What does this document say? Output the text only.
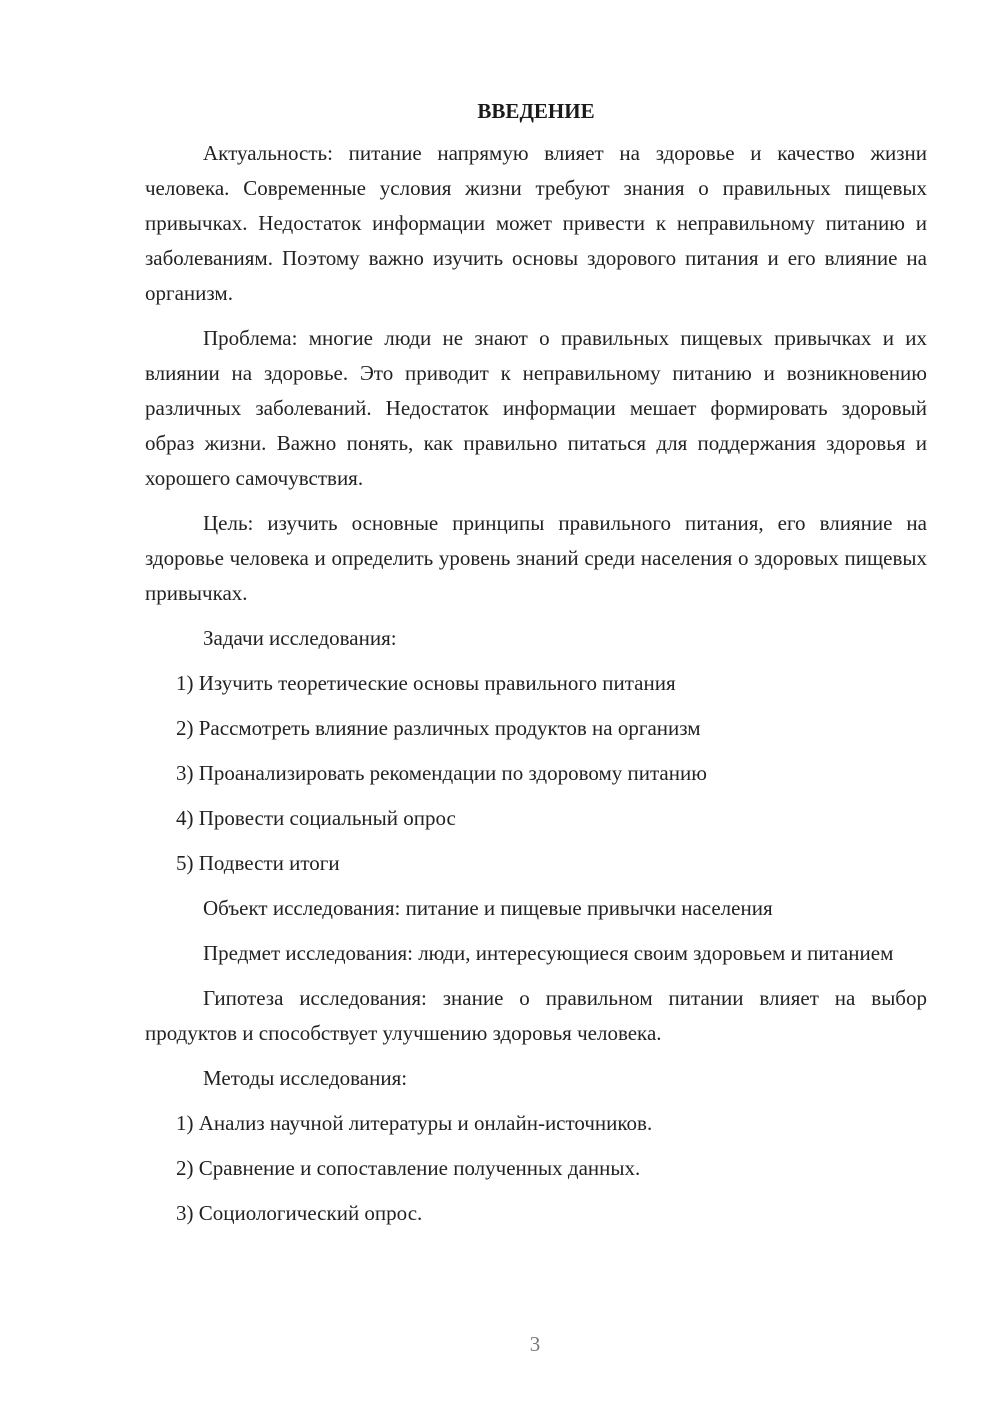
ВВЕДЕНИЕ

Актуальность: питание напрямую влияет на здоровье и качество жизни человека. Современные условия жизни требуют знания о правильных пищевых привычках. Недостаток информации может привести к неправильному питанию и заболеваниям. Поэтому важно изучить основы здорового питания и его влияние на организм.

Проблема: многие люди не знают о правильных пищевых привычках и их влиянии на здоровье. Это приводит к неправильному питанию и возникновению различных заболеваний. Недостаток информации мешает формировать здоровый образ жизни. Важно понять, как правильно питаться для поддержания здоровья и хорошего самочувствия.

Цель: изучить основные принципы правильного питания, его влияние на здоровье человека и определить уровень знаний среди населения о здоровых пищевых привычках.

Задачи исследования:

1) Изучить теоретические основы правильного питания

2) Рассмотреть влияние различных продуктов на организм

3) Проанализировать рекомендации по здоровому питанию

4) Провести социальный опрос

5) Подвести итоги

Объект исследования: питание и пищевые привычки населения

Предмет исследования: люди, интересующиеся своим здоровьем и питанием

Гипотеза исследования: знание о правильном питании влияет на выбор продуктов и способствует улучшению здоровья человека.

Методы исследования:

1) Анализ научной литературы и онлайн-источников.

2) Сравнение и сопоставление полученных данных.

3) Социологический опрос.

3
